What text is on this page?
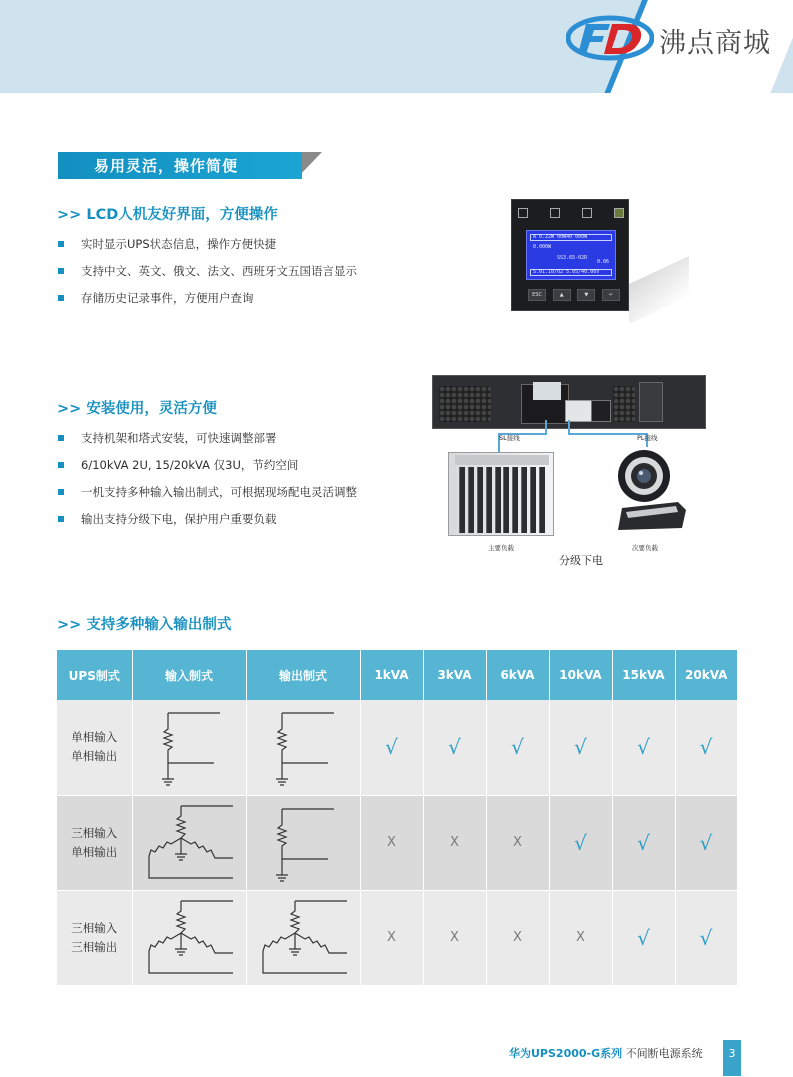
沸点商城
易用灵活，操作简便
>> LCD人机友好界面，方便操作
实时显示UPS状态信息，操作方便快捷
支持中文、英文、俄文、法文、西班牙文五国语言显示
存储历史记录事件，方便用户查询
A 0.22W 00W40 000W
0.000W
SS3.65-02R
0.06
S.01.10/02 5.05/40.00V
ESC	▲	▼	↵
>> 安装使用，灵活方便
支持机架和塔式安装，可快速调整部署
6/10kVA 2U, 15/20kVA 仅3U，节约空间
一机支持多种输入输出制式，可根据现场配电灵活调整
输出支持分级下电，保护用户重要负载
SL接线	PL接线
主要负载	次要负载
分级下电
>> 支持多种输入输出制式
UPS制式	输入制式	输出制式	1kVA	3kVA	6kVA	10kVA	15kVA	20kVA

单相输入
单相输出			√	√	√	√	√	√

三相输入
单相输出			X	X	X	√	√	√

三相输入
三相输出			X	X	X	X	√	√
华为UPS2000-G系列 不间断电源系统	3
